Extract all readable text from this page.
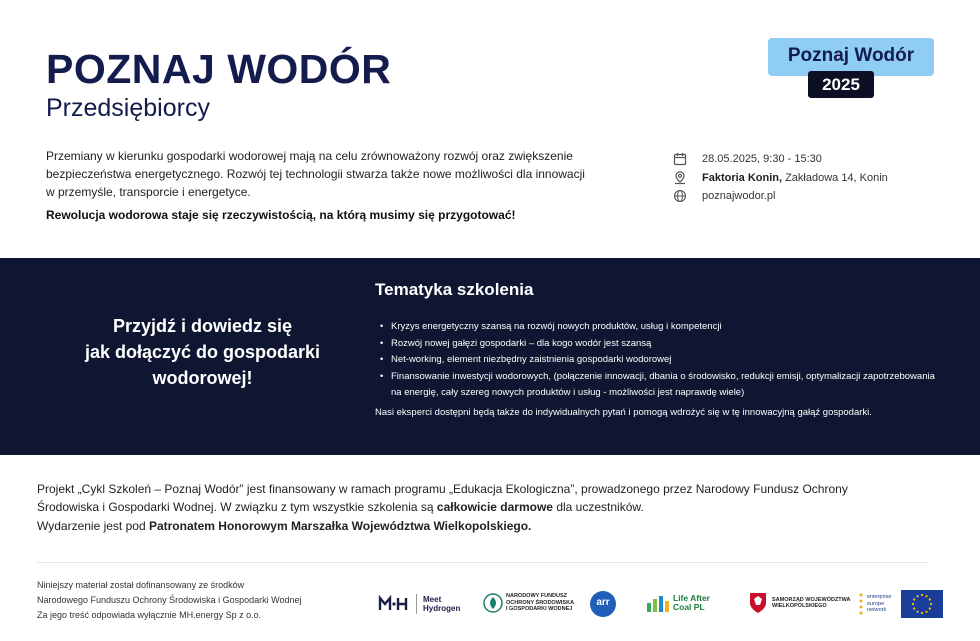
POZNAJ WODÓR
Przedsiębiorcy
Przemiany w kierunku gospodarki wodorowej mają na celu zrównoważony rozwój oraz zwiększenie
bezpieczeństwa energetycznego. Rozwój tej technologii stwarza także nowe możliwości dla innowacji
w przemyśle, transporcie i energetyce.
Rewolucja wodorowa staje się rzeczywistością, na którą musimy się przygotować!
Poznaj Wodór
2025
28.05.2025, 9:30 - 15:30
Faktoria Konin, Zakładowa 14, Konin
poznajwodor.pl
Przyjdź i dowiedz się
jak dołączyć do gospodarki
wodorowej!
Tematyka szkolenia
• Kryzys energetyczny szansą na rozwój nowych produktów, usług i kompetencji
• Rozwój nowej gałęzi gospodarki – dla kogo wodór jest szansą
• Net-working, element niezbędny zaistnienia gospodarki wodorowej
• Finansowanie inwestycji wodorowych, (połączenie innowacji, dbania o środowisko, redukcji emisji, optymalizacji zapotrzebowania na energię, cały szereg nowych produktów i usług - możliwości jest naprawdę wiele)
Nasi eksperci dostępni będą także do indywidualnych pytań i pomogą wdrożyć się w tę innowacyjną gałąź gospodarki.
Projekt „Cykl Szkoleń – Poznaj Wodór” jest finansowany w ramach programu „Edukacja Ekologiczna”, prowadzonego przez Narodowy Fundusz Ochrony
Środowiska i Gospodarki Wodnej. W związku z tym wszystkie szkolenia są całkowicie darmowe dla uczestników.
Wydarzenie jest pod Patronatem Honorowym Marszałka Województwa Wielkopolskiego.
Niniejszy materiał został dofinansowany ze środków
Narodowego Funduszu Ochrony Środowiska i Gospodarki Wodnej
Za jego treść odpowiada wyłącznie MH.energy Sp z o.o.
Meet
Hydrogen
NARODOWY FUNDUSZ
OCHRONY ŚRODOWISKA
I GOSPODARKI WODNEJ
arr	Life After
Coal PL
SAMORZĄD WOJEWÓDZTWA
WIELKOPOLSKIEGO
enterprise
europe
network
